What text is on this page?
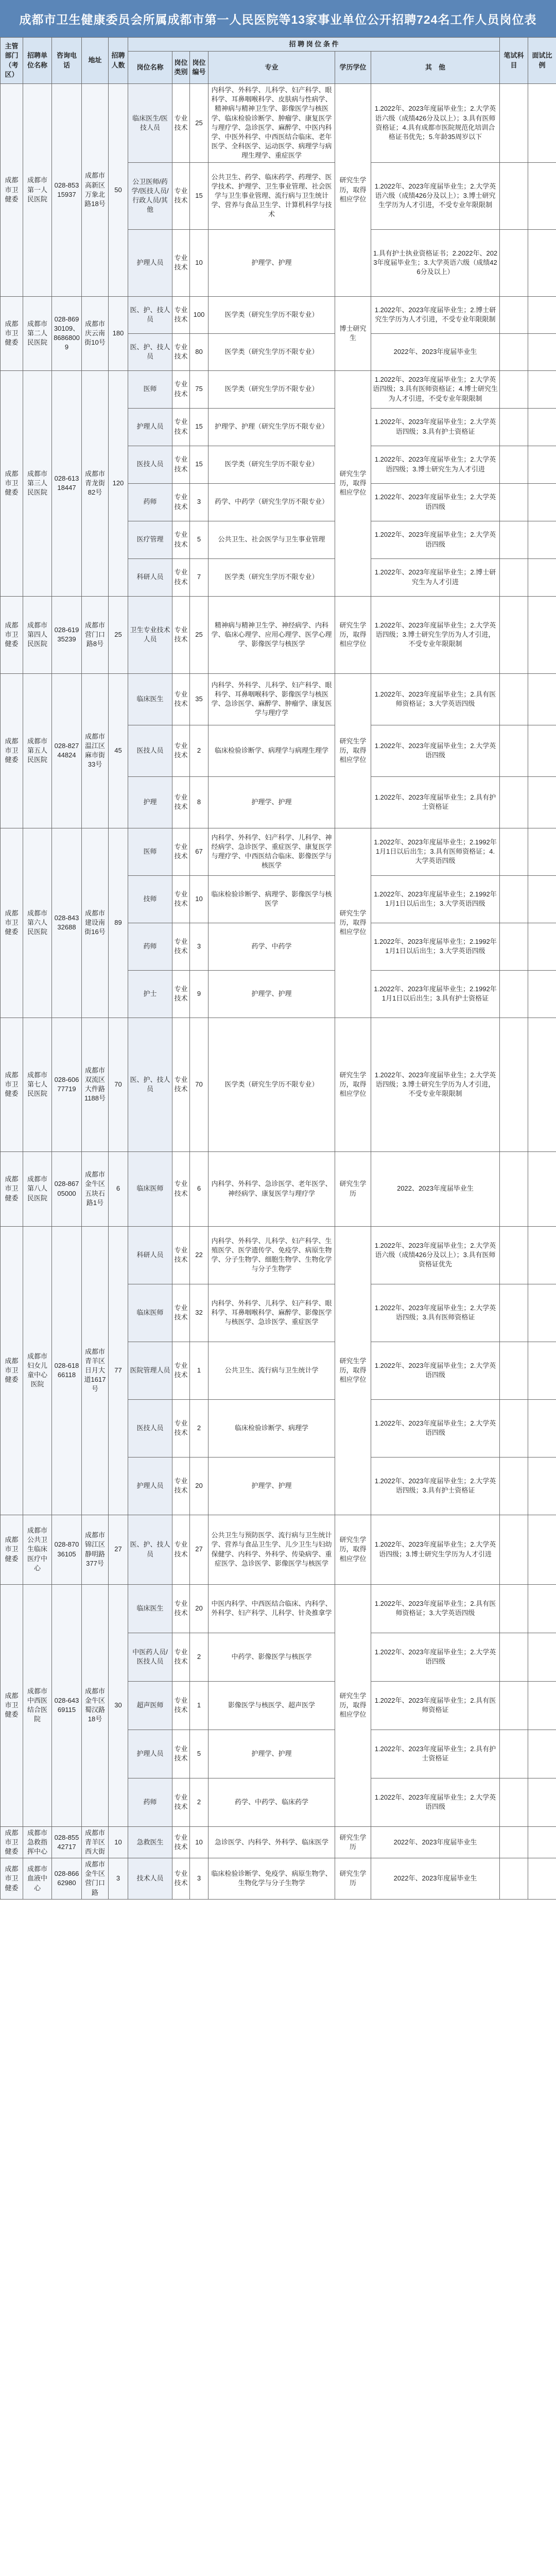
成都市卫生健康委员会所属成都市第一人民医院等13家事业单位公开招聘724名工作人员岗位表
主管部门（考区）	招聘单位名称	咨询电话	地址	招聘人数	招 聘 岗 位 条 件						笔试科目	面试比例
					岗位名称	岗位类别	岗位编号	专业	学历学位	其　他		
成都市卫健委	成都市第一人民医院	028-85315937	成都市高新区万象北路18号	50	临床医生/医技人员	专业技术	25	内科学、外科学、儿科学、妇产科学、眼科学、耳鼻咽喉科学、皮肤病与性病学、精神病与精神卫生学、影像医学与核医学、临床检验诊断学、肿瘤学、康复医学与理疗学、急诊医学、麻醉学、中医内科学、中医外科学、中西医结合临床、老年医学、全科医学、运动医学、病理学与病理生理学、重症医学	研究生学历，取得相应学位	1.2022年、2023年度届毕业生；2.大学英语六级（成绩426分及以上）；3.具有医师资格证；4.具有成都市医院规范化培训合格证书优先；5.年龄35周岁以下		
					公卫医师/药学/医技人员/行政人员/其他	专业技术	15	公共卫生、药学、临床药学、药理学、医学技术、护理学、卫生事业管理、社会医学与卫生事业管理、流行病与卫生统计学、营养与食品卫生学、计算机科学与技术		1.2022年、2023年度届毕业生；2.大学英语六级（成绩426分及以上）；3.博士研究生学历为人才引进，不受专业年限限制		
					护理人员	专业技术	10	护理学、护理		1.具有护士执业资格证书；2.2022年、2023年度届毕业生；3.大学英语六级（成绩426分及以上）		
成都市卫健委	成都市第二人民医院	028-86930109、86868009	成都市庆云南街10号	180	医、护、技人员	专业技术	100	医学类（研究生学历不限专业）	博士研究生	1.2022年、2023年度届毕业生；2.博士研究生学历为人才引进，不受专业年限限制		
					医、护、技人员	专业技术	80	医学类（研究生学历不限专业）		2022年、2023年度届毕业生		
成都市卫健委	成都市第三人民医院	028-61318447	成都市青龙街82号	120	医师	专业技术	75	医学类（研究生学历不限专业）	研究生学历，取得相应学位	1.2022年、2023年度届毕业生；2.大学英语四级；3.具有医师资格证；4.博士研究生为人才引进，不受专业年限限制		
					护理人员	专业技术	15	护理学、护理（研究生学历不限专业）		1.2022年、2023年度届毕业生；2.大学英语四级；3.具有护士资格证		
					医技人员	专业技术	15	医学类（研究生学历不限专业）		1.2022年、2023年度届毕业生；2.大学英语四级；3.博士研究生为人才引进		
					药师	专业技术	3	药学、中药学（研究生学历不限专业）		1.2022年、2023年度届毕业生；2.大学英语四级		
					医疗管理	专业技术	5	公共卫生、社会医学与卫生事业管理		1.2022年、2023年度届毕业生；2.大学英语四级		
					科研人员	专业技术	7	医学类（研究生学历不限专业）		1.2022年、2023年度届毕业生；2.博士研究生为人才引进		
成都市卫健委	成都市第四人民医院	028-61935239	成都市营门口路8号	25	卫生专业技术人员	专业技术	25	精神病与精神卫生学、神经病学、内科学、临床心理学、应用心理学、医学心理学、影像医学与核医学	研究生学历，取得相应学位	1.2022年、2023年度届毕业生；2.大学英语四级；3.博士研究生学历为人才引进，不受专业年限限制		
成都市卫健委	成都市第五人民医院	028-82744824	成都市温江区麻市街33号	45	临床医生	专业技术	35	内科学、外科学、儿科学、妇产科学、眼科学、耳鼻咽喉科学、影像医学与核医学、急诊医学、麻醉学、肿瘤学、康复医学与理疗学	研究生学历，取得相应学位	1.2022年、2023年度届毕业生；2.具有医师资格证；3.大学英语四级		
					医技人员	专业技术	2	临床检验诊断学、病理学与病理生理学		1.2022年、2023年度届毕业生；2.大学英语四级		
					护理	专业技术	8	护理学、护理		1.2022年、2023年度届毕业生；2.具有护士资格证		
成都市卫健委	成都市第六人民医院	028-84332688	成都市建设南街16号	89	医师	专业技术	67	内科学、外科学、妇产科学、儿科学、神经病学、急诊医学、重症医学、康复医学与理疗学、中西医结合临床、影像医学与核医学	研究生学历，取得相应学位	1.2022年、2023年度届毕业生；2.1992年1月1日以后出生；3.具有医师资格证；4.大学英语四级		
					技师	专业技术	10	临床检验诊断学、病理学、影像医学与核医学		1.2022年、2023年度届毕业生；2.1992年1月1日以后出生；3.大学英语四级		
					药师	专业技术	3	药学、中药学		1.2022年、2023年度届毕业生；2.1992年1月1日以后出生；3.大学英语四级		
					护士	专业技术	9	护理学、护理		1.2022年、2023年度届毕业生；2.1992年1月1日以后出生；3.具有护士资格证		
成都市卫健委	成都市第七人民医院	028-60677719	成都市双流区大件路1188号	70	医、护、技人员	专业技术	70	医学类（研究生学历不限专业）	研究生学历，取得相应学位	1.2022年、2023年度届毕业生；2.大学英语四级；3.博士研究生学历为人才引进，不受专业年限限制		
成都市卫健委	成都市第八人民医院	028-86705000	成都市金牛区五块石路1号	6	临床医师	专业技术	6	内科学、外科学、急诊医学、老年医学、神经病学、康复医学与理疗学	研究生学历	2022、2023年度届毕业生		
成都市卫健委	成都市妇女儿童中心医院	028-61866118	成都市青羊区日月大道1617号	77	科研人员	专业技术	22	内科学、外科学、儿科学、妇产科学、生殖医学、医学遗传学、免疫学、病原生物学、分子生物学、细胞生物学、生物化学与分子生物学	研究生学历，取得相应学位	1.2022年、2023年度届毕业生；2.大学英语六级（成绩426分及以上）；3.具有医师资格证优先		
					临床医师	专业技术	32	内科学、外科学、儿科学、妇产科学、眼科学、耳鼻咽喉科学、麻醉学、影像医学与核医学、急诊医学、重症医学		1.2022年、2023年度届毕业生；2.大学英语四级；3.具有医师资格证		
					医院管理人员	专业技术	1	公共卫生、流行病与卫生统计学		1.2022年、2023年度届毕业生；2.大学英语四级		
					医技人员	专业技术	2	临床检验诊断学、病理学		1.2022年、2023年度届毕业生；2.大学英语四级		
					护理人员	专业技术	20	护理学、护理		1.2022年、2023年度届毕业生；2.大学英语四级；3.具有护士资格证		
成都市卫健委	成都市公共卫生临床医疗中心	028-87036105	成都市锦江区静明路377号	27	医、护、技人员	专业技术	27	公共卫生与预防医学、流行病与卫生统计学、营养与食品卫生学、儿少卫生与妇幼保健学、内科学、外科学、传染病学、重症医学、急诊医学、影像医学与核医学	研究生学历，取得相应学位	1.2022年、2023年度届毕业生；2.大学英语四级；3.博士研究生学历为人才引进		
成都市卫健委	成都市中西医结合医院	028-64369115	成都市金牛区蜀汉路18号	30	临床医生	专业技术	20	中医内科学、中西医结合临床、内科学、外科学、妇产科学、儿科学、针灸推拿学	研究生学历，取得相应学位	1.2022年、2023年度届毕业生；2.具有医师资格证；3.大学英语四级		
					中医药人员/医技人员	专业技术	2	中药学、影像医学与核医学		1.2022年、2023年度届毕业生；2.大学英语四级		
					超声医师	专业技术	1	影像医学与核医学、超声医学		1.2022年、2023年度届毕业生；2.具有医师资格证		
					护理人员	专业技术	5	护理学、护理		1.2022年、2023年度届毕业生；2.具有护士资格证		
					药师	专业技术	2	药学、中药学、临床药学		1.2022年、2023年度届毕业生；2.大学英语四级		
成都市卫健委	成都市急救指挥中心	028-85542717	成都市青羊区西大街	10	急救医生	专业技术	10	急诊医学、内科学、外科学、临床医学	研究生学历	2022年、2023年度届毕业生		
成都市卫健委	成都市血液中心	028-86662980	成都市金牛区营门口路	3	技术人员	专业技术	3	临床检验诊断学、免疫学、病原生物学、生物化学与分子生物学	研究生学历	2022年、2023年度届毕业生		
